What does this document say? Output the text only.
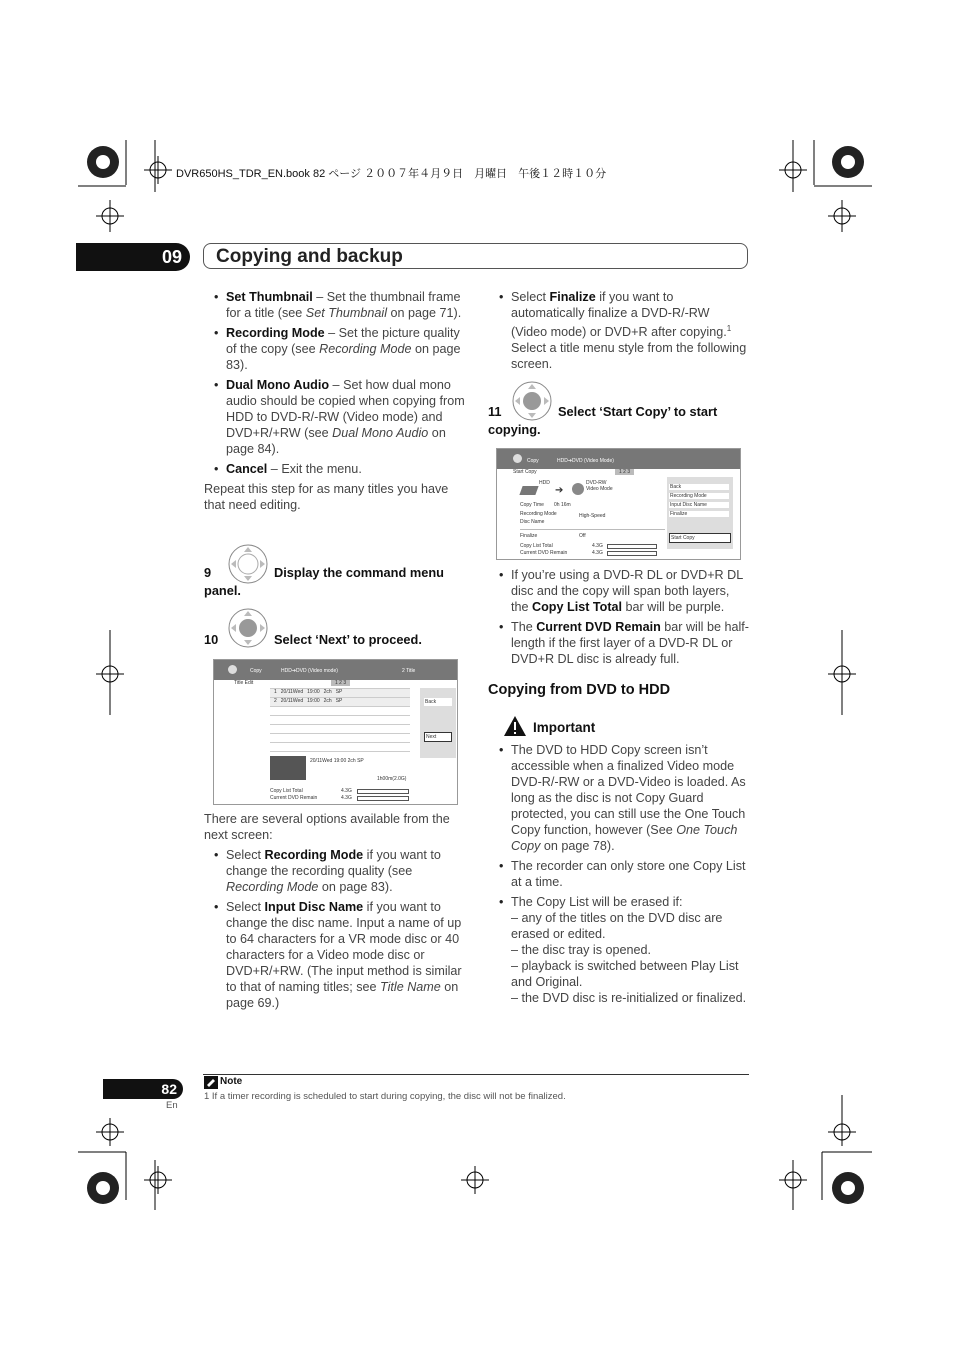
DVR650HS_TDR_EN.book 82 ページ ２００７年４月９日　月曜日　午後１２時１０分
09	Copying and backup
• Set Thumbnail – Set the thumbnail frame for a title (see Set Thumbnail on page 71).
• Recording Mode – Set the picture quality of the copy (see Recording Mode on page 83).
• Dual Mono Audio – Set how dual mono audio should be copied when copying from HDD to DVD-R/-RW (Video mode) and DVD+R/+RW (see Dual Mono Audio on page 84).
• Cancel – Exit the menu.
Repeat this step for as many titles you have that need editing.
9	Display the command menu
panel.
10	Select ‘Next’ to proceed.
Copy	HDD➔DVD (Video mode)	2 Title
Title Edit	1 2 3
1 20/11Wed 19:00 2ch SP
2 20/11Wed 19:00 2ch SP	Back
Next
20/11Wed 19:00 2ch SP
1h00m(2.0G)
Copy List Total	4.3G
Current DVD Remain	4.3G
There are several options available from the next screen:
• Select Recording Mode if you want to change the recording quality (see Recording Mode on page 83).
• Select Input Disc Name if you want to change the disc name. Input a name of up to 64 characters for a VR mode disc or 40 characters for a Video mode disc or DVD+R/+RW. (The input method is similar to that of naming titles; see Title Name on page 69.)
• Select Finalize if you want to automatically finalize a DVD-R/-RW (Video mode) or DVD+R after copying.$^1$ Select a title menu style from the following screen.
11	Select ‘Start Copy’ to start
copying.
Copy	HDD➔DVD (Video Mode)
Start Copy	1 2 3
HDD
➔
DVD-RW
Video Mode
Copy Time 0h 16m
Recording Mode	High-Speed
Disc Name
Finalize	Off
Copy List Total	4.3G
Current DVD Remain	4.3G
Back
Recording Mode
Input Disc Name
Finalize
Start Copy
• If you’re using a DVD-R DL or DVD+R DL disc and the copy will span both layers, the Copy List Total bar will be purple.
• The Current DVD Remain bar will be half-length if the first layer of a DVD-R DL or DVD+R DL disc is already full.
Copying from DVD to HDD
Important
• The DVD to HDD Copy screen isn’t accessible when a finalized Video mode DVD-R/-RW or a DVD-Video is loaded. As long as the disc is not Copy Guard protected, you can still use the One Touch Copy function, however (See One Touch Copy on page 78).
• The recorder can only store one Copy List at a time.
• The Copy List will be erased if:
– any of the titles on the DVD disc are erased or edited.
– the disc tray is opened.
– playback is switched between Play List and Original.
– the DVD disc is re-initialized or finalized.
Note
1 If a timer recording is scheduled to start during copying, the disc will not be finalized.
82
En
